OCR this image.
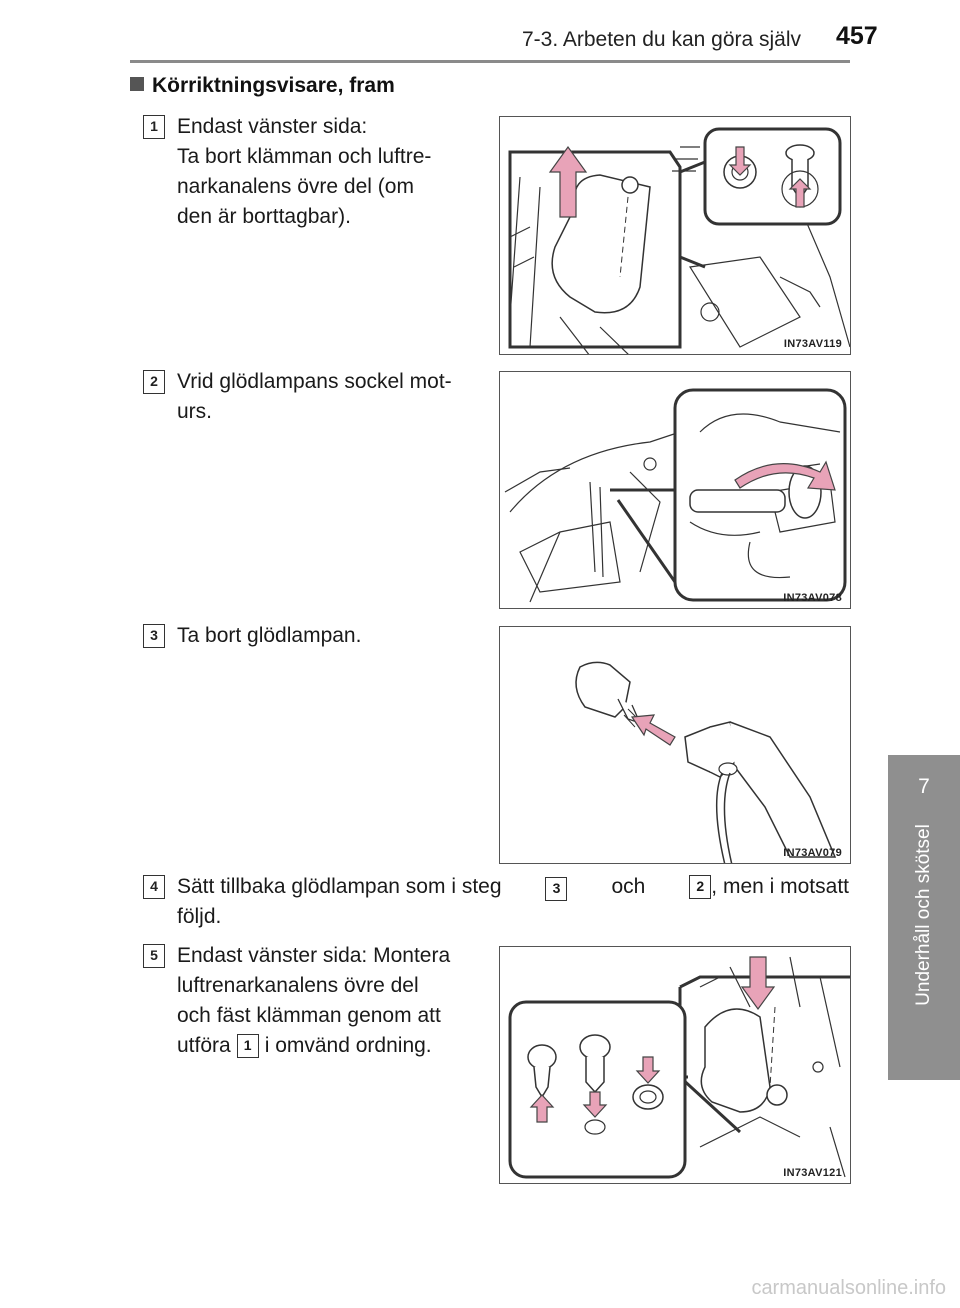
7-3. Arbeten du kan göra själv 457
7
Underhåll och skötsel
Körriktningsvisare, fram
1 Endast vänster sida:
Ta bort klämman och luftre-
narkanalens övre del (om
den är borttagbar).
IN73AV119
2 Vrid glödlampans sockel mot-
urs.
IN73AV078
3 Ta bort glödlampan.
IN73AV079
4 Sätt tillbaka glödlampan som i steg	3	och	2 , men i motsatt
följd.
5 Endast vänster sida: Montera
luftrenarkanalens övre del
och fäst klämman genom att
utföra 1 i omvänd ordning.
IN73AV121
carmanualsonline.info
